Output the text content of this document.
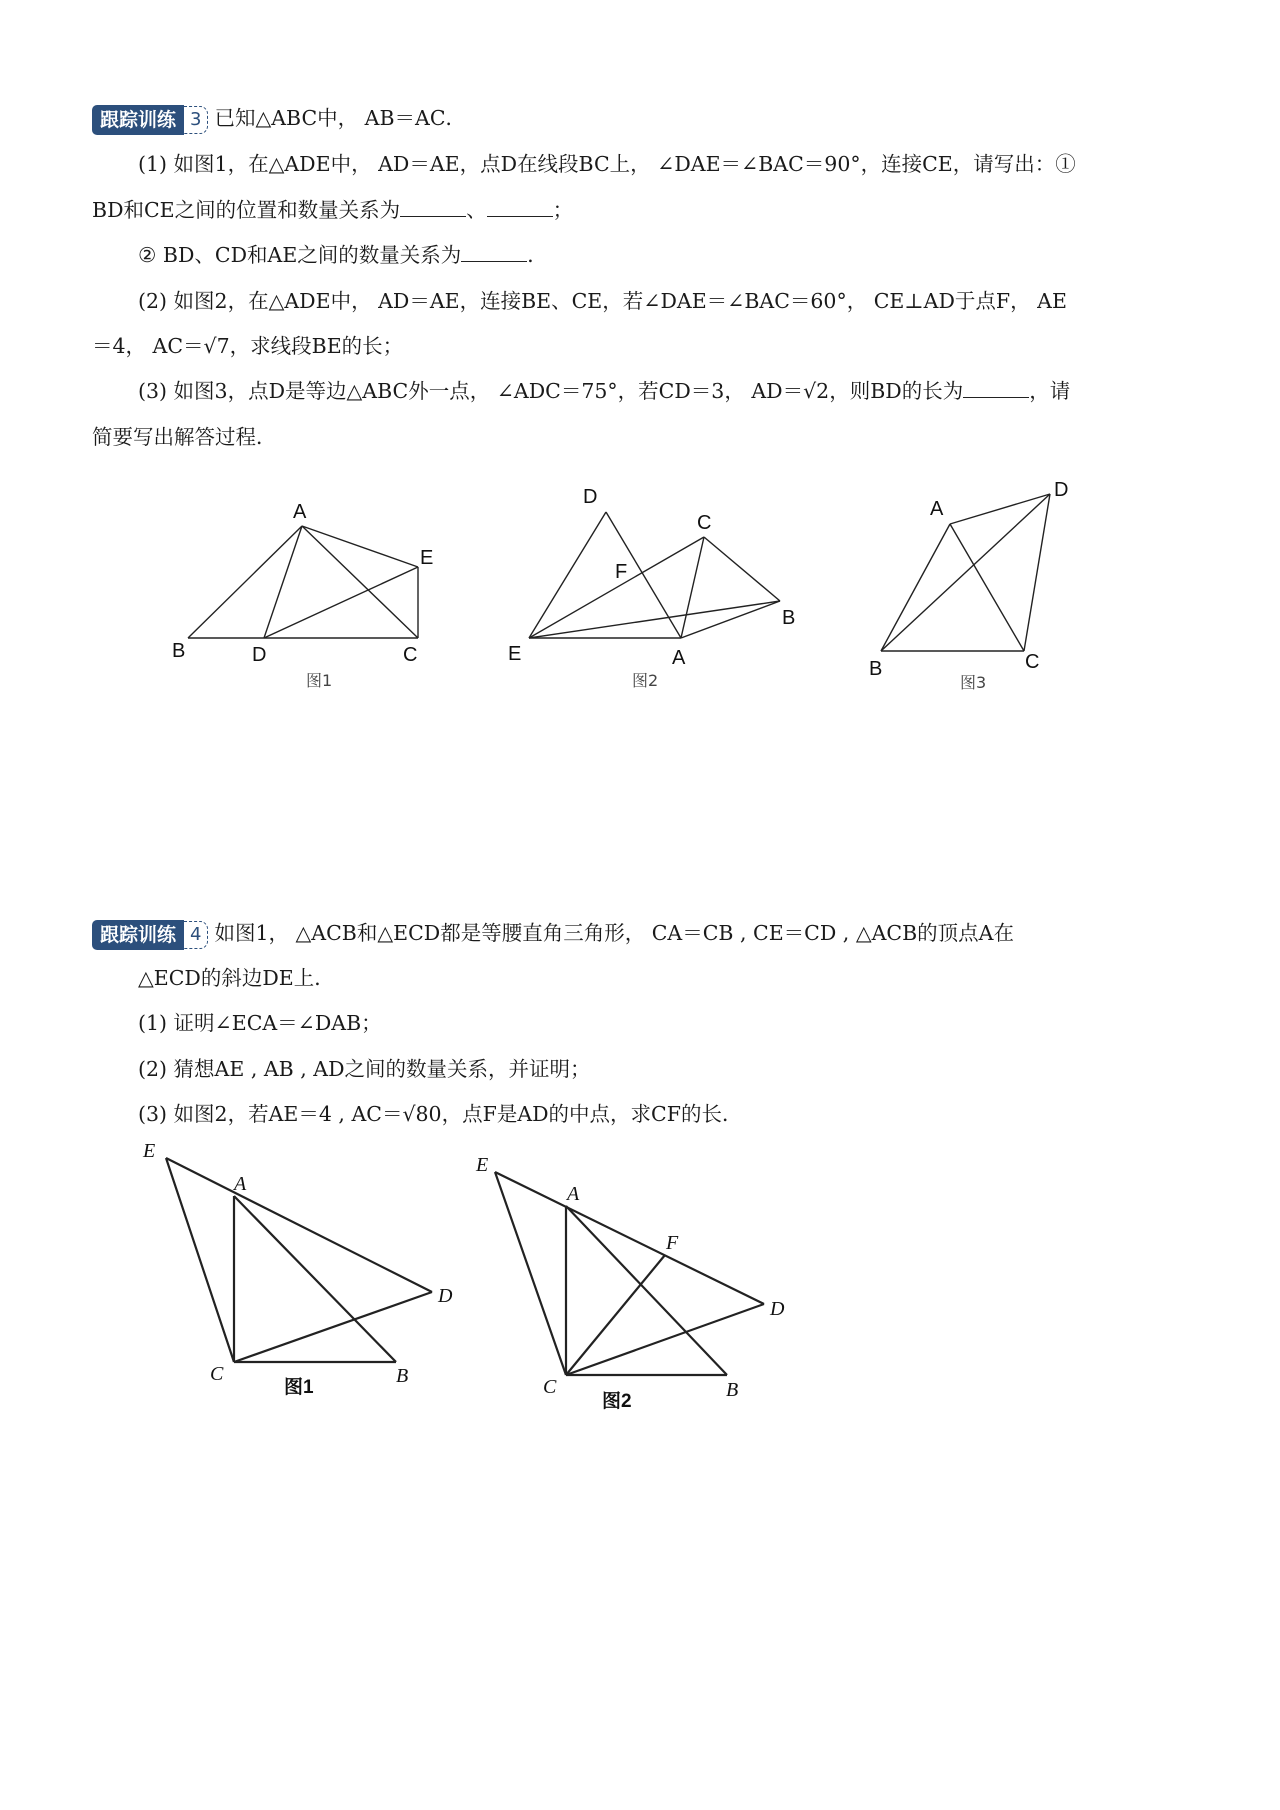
跟踪训练 3 已知△ABC中， AB＝AC．
(1) 如图1，在△ADE中， AD＝AE，点D在线段BC上， ∠DAE＝∠BAC＝90°，连接CE，请写出：①
BD和CE之间的位置和数量关系为	、	；
② BD、CD和AE之间的数量关系为	．
(2) 如图2，在△ADE中， AD＝AE，连接BE、CE，若∠DAE＝∠BAC＝60°， CE⊥AD于点F， AE
＝4， AC＝√7，求线段BE的长；
(3) 如图3，点D是等边△ABC外一点， ∠ADC＝75°，若CD＝3， AD＝√2，则BD的长为	，请
简要写出解答过程．
跟踪训练 4 如图1， △ACB和△ECD都是等腰直角三角形， CA＝CB , CE＝CD , △ACB的顶点A在
△ECD的斜边DE上．
(1) 证明∠ECA＝∠DAB；
(2) 猜想AE , AB , AD之间的数量关系，并证明；
(3) 如图2，若AE＝4 , AC＝√80，点F是AD的中点，求CF的长．
A
B	D	C
E
图1
D
C
F
B
E	A
图2
A
D
B	C
图3
E
A
D
C	B
图1
E
A
F
D
C	B
图2
